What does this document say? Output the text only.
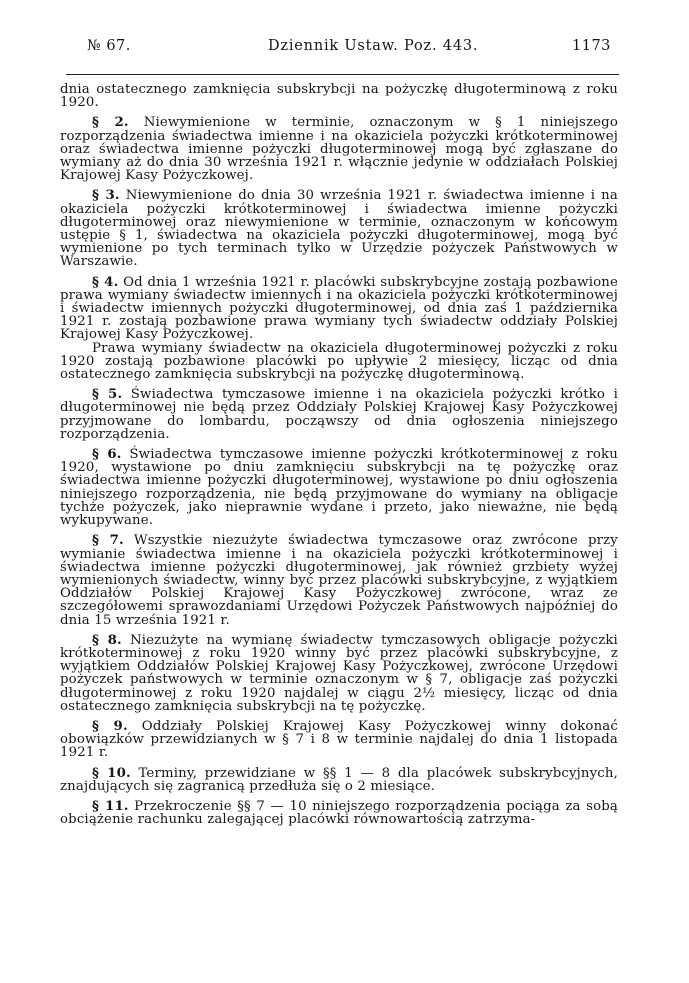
№ 67.	Dziennik Ustaw. Poz. 443.	1173

dnia ostatecznego zamknięcia subskrybcji na pożyczkę długoterminową z roku 1920.

§ 2. Niewymienione w terminie, oznaczonym w § 1 niniejszego rozporządzenia świadectwa imienne i na okaziciela pożyczki krótkoterminowej oraz świadectwa imienne pożyczki długoterminowej mogą być zgłaszane do wymiany aż do dnia 30 września 1921 r. włącznie jedynie w oddziałach Polskiej Krajowej Kasy Pożyczkowej.

§ 3. Niewymienione do dnia 30 września 1921 r. świadectwa imienne i na okaziciela pożyczki krótkoterminowej i świadectwa imienne pożyczki długoterminowej oraz niewymienione w terminie, oznaczonym w końcowym ustępie § 1, świadectwa na okaziciela pożyczki długoterminowej, mogą być wymienione po tych terminach tylko w Urzędzie pożyczek Państwowych w Warszawie.

§ 4. Od dnia 1 września 1921 r. placówki subskrybcyjne zostają pozbawione prawa wymiany świadectw imiennych i na okaziciela pożyczki krótkoterminowej i świadectw imiennych pożyczki długoterminowej, od dnia zaś 1 października 1921 r. zostają pozbawione prawa wymiany tych świadectw oddziały Polskiej Krajowej Kasy Pożyczkowej.

Prawa wymiany świadectw na okaziciela długoterminowej pożyczki z roku 1920 zostają pozbawione placówki po upływie 2 miesięcy, licząc od dnia ostatecznego zamknięcia subskrybcji na pożyczkę długoterminową.

§ 5. Świadectwa tymczasowe imienne i na okaziciela pożyczki krótko i długoterminowej nie będą przez Oddziały Polskiej Krajowej Kasy Pożyczkowej przyjmowane do lombardu, począwszy od dnia ogłoszenia niniejszego rozporządzenia.

§ 6. Świadectwa tymczasowe imienne pożyczki krótkoterminowej z roku 1920, wystawione po dniu zamknięciu subskrybcji na tę pożyczkę oraz świadectwa imienne pożyczki długoterminowej, wystawione po dniu ogłoszenia niniejszego rozporządzenia, nie będą przyjmowane do wymiany na obligacje tychże pożyczek, jako nieprawnie wydane i przeto, jako nieważne, nie będą wykupywane.

§ 7. Wszystkie niezużyte świadectwa tymczasowe oraz zwrócone przy wymianie świadectwa imienne i na okaziciela pożyczki krótkoterminowej i świadectwa imienne pożyczki długoterminowej, jak również grzbiety wyżej wymienionych świadectw, winny być przez placówki subskrybcyjne, z wyjątkiem Oddziałów Polskiej Krajowej Kasy Pożyczkowej zwrócone, wraz ze szczegółowemi sprawozdaniami Urzędowi Pożyczek Państwowych najpóźniej do dnia 15 września 1921 r.

§ 8. Niezużyte na wymianę świadectw tymczasowych obligacje pożyczki krótkoterminowej z roku 1920 winny być przez placówki subskrybcyjne, z wyjątkiem Oddziałów Polskiej Krajowej Kasy Pożyczkowej, zwrócone Urzędowi pożyczek państwowych w terminie oznaczonym w § 7, obligacje zaś pożyczki długoterminowej z roku 1920 najdalej w ciągu 2½ miesięcy, licząc od dnia ostatecznego zamknięcia subskrybcji na tę pożyczkę.

§ 9. Oddziały Polskiej Krajowej Kasy Pożyczkowej winny dokonać obowiązków przewidzianych w § 7 i 8 w terminie najdalej do dnia 1 listopada 1921 r.

§ 10. Terminy, przewidziane w §§ 1 — 8 dla placówek subskrybcyjnych, znajdujących się zagranicą przedłuża się o 2 miesiące.

§ 11. Przekroczenie §§ 7 — 10 niniejszego rozporządzenia pociąga za sobą obciążenie rachunku zalegającej placówki równowartością zatrzyma-
